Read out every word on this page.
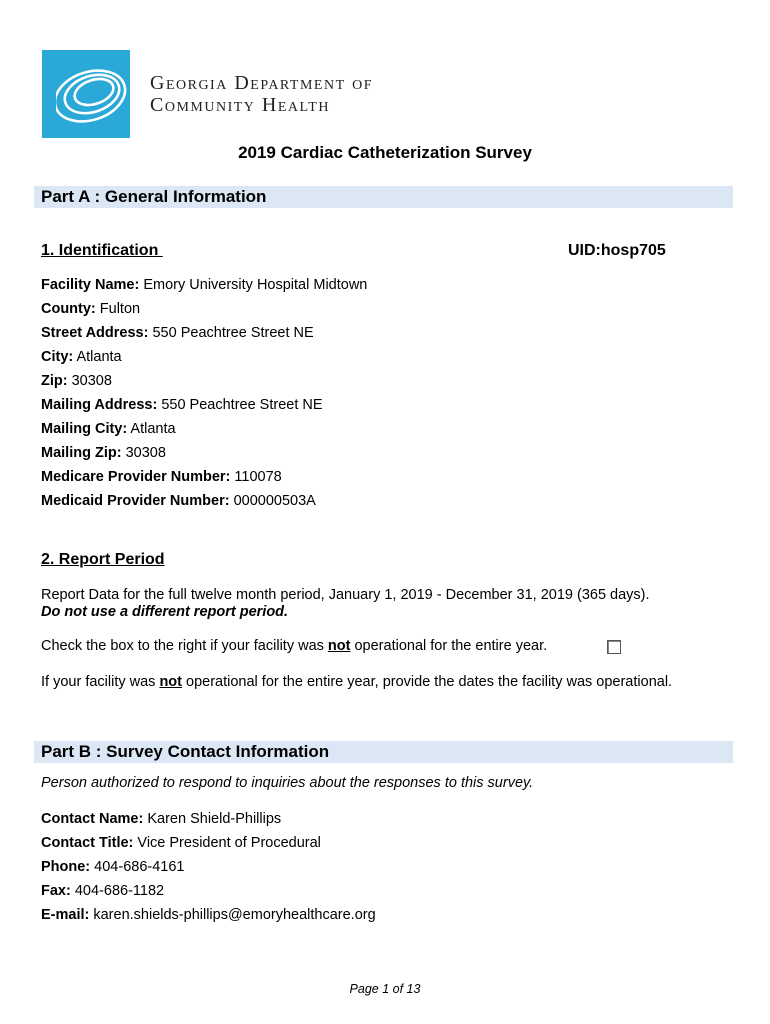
Georgia Department of
Community Health
2019 Cardiac Catheterization Survey
Part A : General Information
1. Identification	UID:hosp705
Facility Name: Emory University Hospital Midtown
County: Fulton
Street Address: 550 Peachtree Street NE
City: Atlanta
Zip: 30308
Mailing Address: 550 Peachtree Street NE
Mailing City: Atlanta
Mailing Zip: 30308
Medicare Provider Number: 110078
Medicaid Provider Number: 000000503A
2. Report Period
Report Data for the full twelve month period, January 1, 2019 - December 31, 2019 (365 days).
Do not use a different report period.
Check the box to the right if your facility was not operational for the entire year.
If your facility was not operational for the entire year, provide the dates the facility was operational.
Part B : Survey Contact Information
Person authorized to respond to inquiries about the responses to this survey.
Contact Name: Karen Shield-Phillips
Contact Title: Vice President of Procedural
Phone: 404-686-4161
Fax: 404-686-1182
E-mail: karen.shields-phillips@emoryhealthcare.org
Page 1 of 13
